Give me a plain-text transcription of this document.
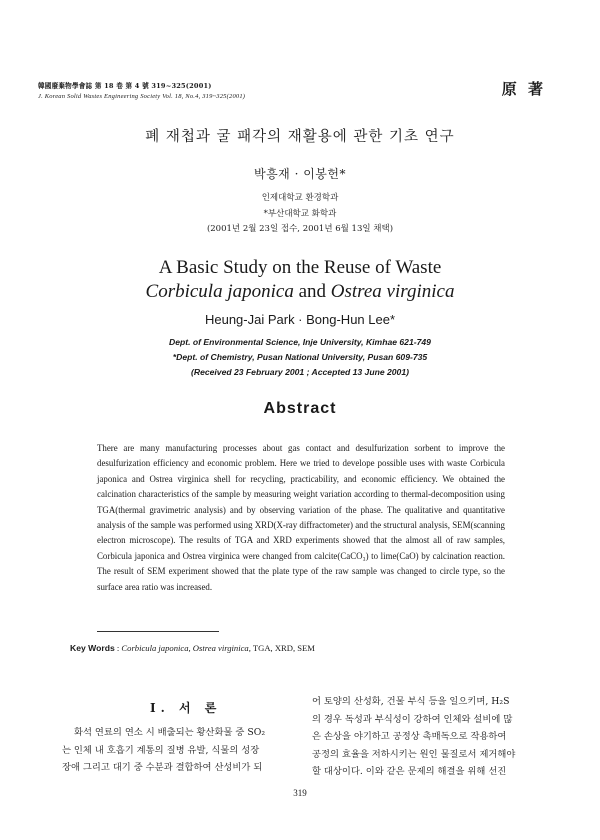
韓國廢棄物學會誌 第 18 卷 第 4 號 319~325(2001)
J. Korean Solid Wastes Engineering Society Vol. 18, No.4, 319~325(2001)	原 著
폐 재첩과 굴 패각의 재활용에 관한 기초 연구
박흥재 · 이봉헌*
인제대학교 환경학과
*부산대학교 화학과
(2001년 2월 23일 접수, 2001년 6월 13일 채택)
A Basic Study on the Reuse of Waste
Corbicula japonica and Ostrea virginica
Heung-Jai Park · Bong-Hun Lee*
Dept. of Environmental Science, Inje University, Kimhae 621-749
*Dept. of Chemistry, Pusan National University, Pusan 609-735
(Received 23 February 2001 ; Accepted 13 June 2001)
Abstract
There are many manufacturing processes about gas contact and desulfurization sorbent to improve the desulfurization efficiency and economic problem. Here we tried to develope possible uses with waste Corbicula japonica and Ostrea virginica shell for recycling, practicability, and economic efficiency. We obtained the calcination characteristics of the sample by measuring weight variation according to thermal-decomposition using TGA(thermal gravimetric analysis) and by observing variation of the phase. The qualitative and quantitative analysis of the sample was performed using XRD(X-ray diffractometer) and the structural analysis, SEM(scanning electron microscope). The results of TGA and XRD experiments showed that the almost all of raw samples, Corbicula japonica and Ostrea virginica were changed from calcite(CaCO₃) to lime(CaO) by calcination reaction. The result of SEM experiment showed that the plate type of the raw sample was changed to circle type, so the surface area ratio was increased.
Key Words : Corbicula japonica, Ostrea virginica, TGA, XRD, SEM
Ⅰ. 서 론
화석 연료의 연소 시 배출되는 황산화물 중 SO₂
는 인체 내 호흡기 계통의 질병 유발, 식물의 성장
장애 그리고 대기 중 수분과 결합하여 산성비가 되
어 토양의 산성화, 건물 부식 등을 일으키며, H₂S
의 경우 독성과 부식성이 강하여 인체와 설비에 많
은 손상을 야기하고 공정상 촉매독으로 작용하여
공정의 효율을 저하시키는 원인 물질로서 제거해야
할 대상이다. 이와 같은 문제의 해결을 위해 선진
319
